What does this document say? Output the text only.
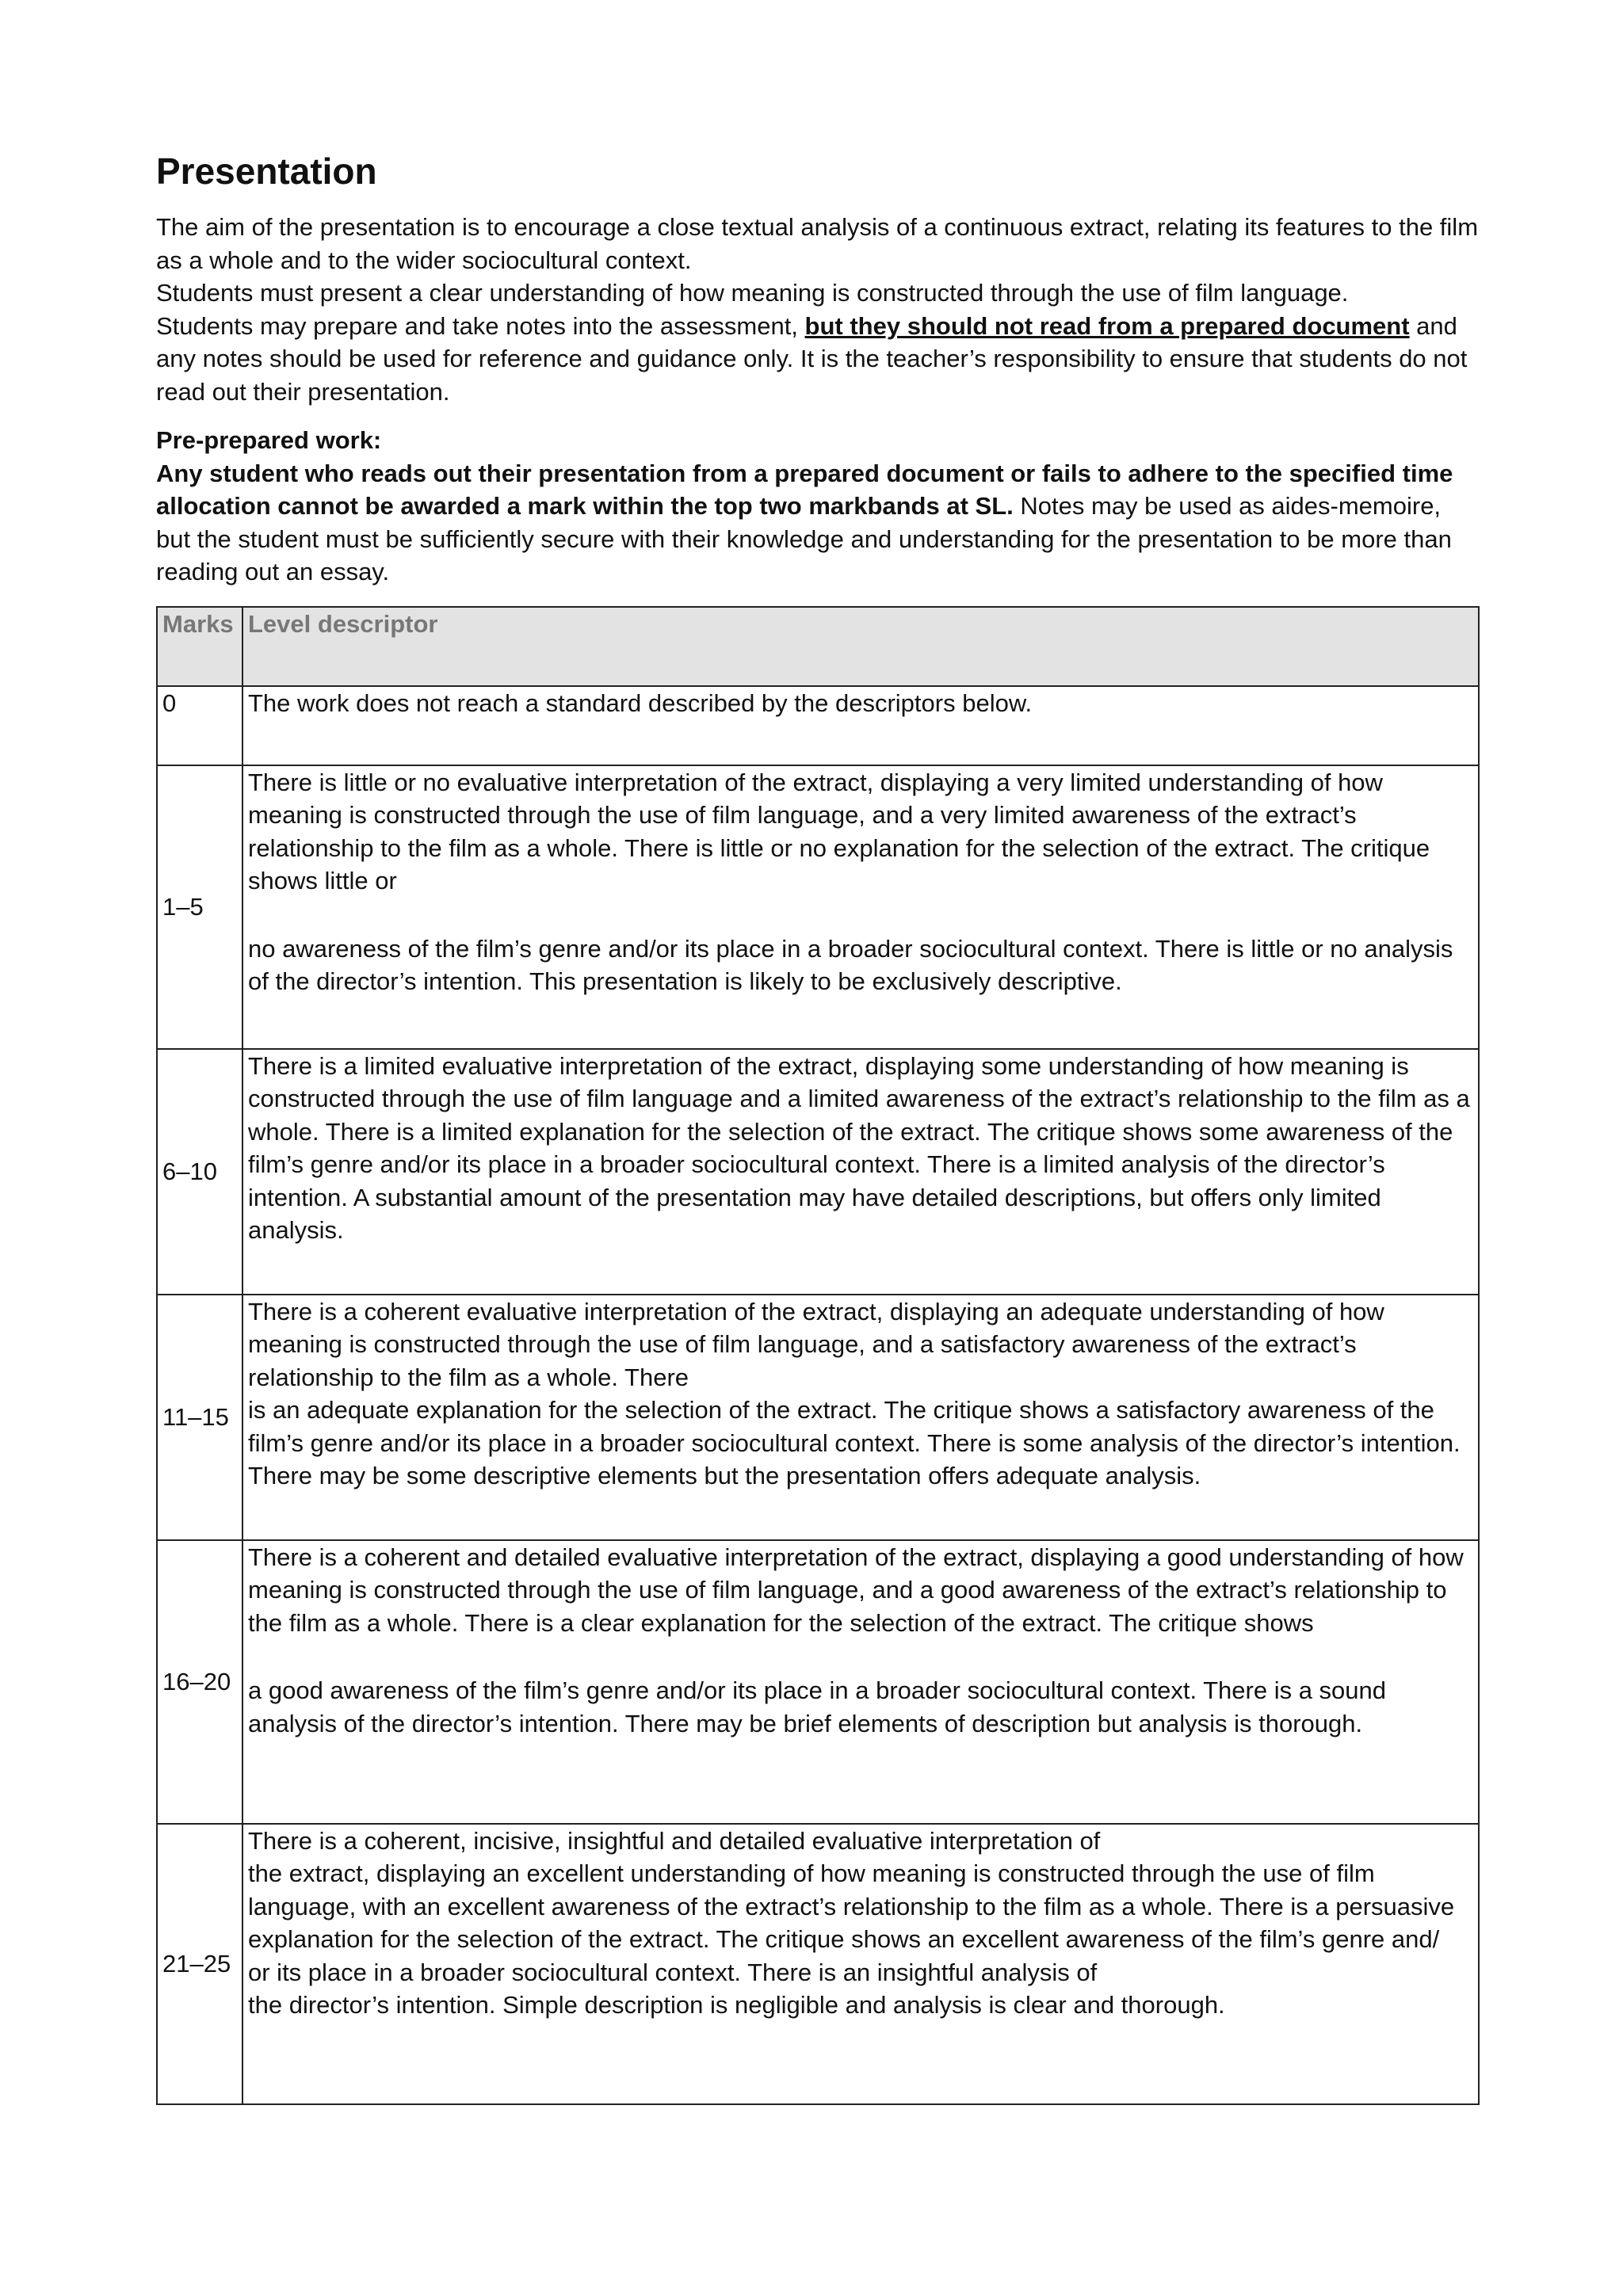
Presentation

The aim of the presentation is to encourage a close textual analysis of a continuous extract, relating its features to the film as a whole and to the wider sociocultural context.

Students must present a clear understanding of how meaning is constructed through the use of film language.

Students may prepare and take notes into the assessment, but they should not read from a prepared document and any notes should be used for reference and guidance only. It is the teacher’s responsibility to ensure that students do not read out their presentation.

Pre-prepared work:

Any student who reads out their presentation from a prepared document or fails to adhere to the specified time allocation cannot be awarded a mark within the top two markbands at SL. Notes may be used as aides-memoire, but the student must be sufficiently secure with their knowledge and understanding for the presentation to be more than reading out an essay.

Marks	Level descriptor
0	The work does not reach a standard described by the descriptors below.
1–5	There is little or no evaluative interpretation of the extract, displaying a very limited understanding of how meaning is constructed through the use of film language, and a very limited awareness of the extract’s relationship to the film as a whole. There is little or no explanation for the selection of the extract. The critique shows little or
no awareness of the film’s genre and/or its place in a broader sociocultural context. There is little or no analysis of the director’s intention. This presentation is likely to be exclusively descriptive.
6–10	There is a limited evaluative interpretation of the extract, displaying some understanding of how meaning is constructed through the use of film language and a limited awareness of the extract’s relationship to the film as a whole. There is a limited explanation for the selection of the extract. The critique shows some awareness of the film’s genre and/or its place in a broader sociocultural context. There is a limited analysis of the director’s intention. A substantial amount of the presentation may have detailed descriptions, but offers only limited analysis.
11–15	There is a coherent evaluative interpretation of the extract, displaying an adequate understanding of how meaning is constructed through the use of film language, and a satisfactory awareness of the extract’s relationship to the film as a whole. There
is an adequate explanation for the selection of the extract. The critique shows a satisfactory awareness of the film’s genre and/or its place in a broader sociocultural context. There is some analysis of the director’s intention. There may be some descriptive elements but the presentation offers adequate analysis.
16–20	There is a coherent and detailed evaluative interpretation of the extract, displaying a good understanding of how meaning is constructed through the use of film language, and a good awareness of the extract’s relationship to the film as a whole. There is a clear explanation for the selection of the extract. The critique shows
a good awareness of the film’s genre and/or its place in a broader sociocultural context. There is a sound analysis of the director’s intention. There may be brief elements of description but analysis is thorough.
21–25	There is a coherent, incisive, insightful and detailed evaluative interpretation of
the extract, displaying an excellent understanding of how meaning is constructed through the use of film language, with an excellent awareness of the extract’s relationship to the film as a whole. There is a persuasive explanation for the selection of the extract. The critique shows an excellent awareness of the film’s genre and/
or its place in a broader sociocultural context. There is an insightful analysis of
the director’s intention. Simple description is negligible and analysis is clear and thorough.
